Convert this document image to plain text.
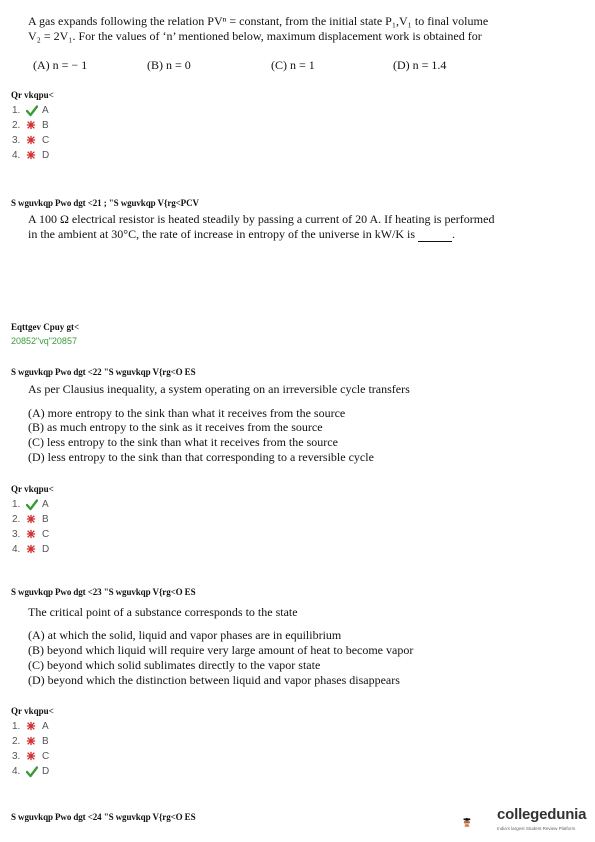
A gas expands following the relation PVⁿ = constant, from the initial state P₁,V₁ to final volume
V₂ = 2V₁. For the values of ‘n’ mentioned below, maximum displacement work is obtained for
(A) n = − 1	(B) n = 0	(C) n = 1	(D) n = 1.4
Qr vkqpu<
1.	A
2.	B
3.	C
4.	D
S wguvkqp Pwo dgt <21 ; "S wguvkqp V{rg<PCV
A 100 Ω electrical resistor is heated steadily by passing a current of 20 A. If heating is performed
in the ambient at 30°C, the rate of increase in entropy of the universe in kW/K is	.
Eqttgev Cpuy gt<
20852"vq"20857
S wguvkqp Pwo dgt <22 "S wguvkqp V{rg<O ES
As per Clausius inequality, a system operating on an irreversible cycle transfers
(A) more entropy to the sink than what it receives from the source
(B) as much entropy to the sink as it receives from the source
(C) less entropy to the sink than what it receives from the source
(D) less entropy to the sink than that corresponding to a reversible cycle
Qr vkqpu<
1.	A
2.	B
3.	C
4.	D
S wguvkqp Pwo dgt <23 "S wguvkqp V{rg<O ES
The critical point of a substance corresponds to the state
(A) at which the solid, liquid and vapor phases are in equilibrium
(B) beyond which liquid will require very large amount of heat to become vapor
(C) beyond which solid sublimates directly to the vapor state
(D) beyond which the distinction between liquid and vapor phases disappears
Qr vkqpu<
1.	A
2.	B
3.	C
4.	D
S wguvkqp Pwo dgt <24 "S wguvkqp V{rg<O ES	collegedunia
India's largest Student Review Platform
